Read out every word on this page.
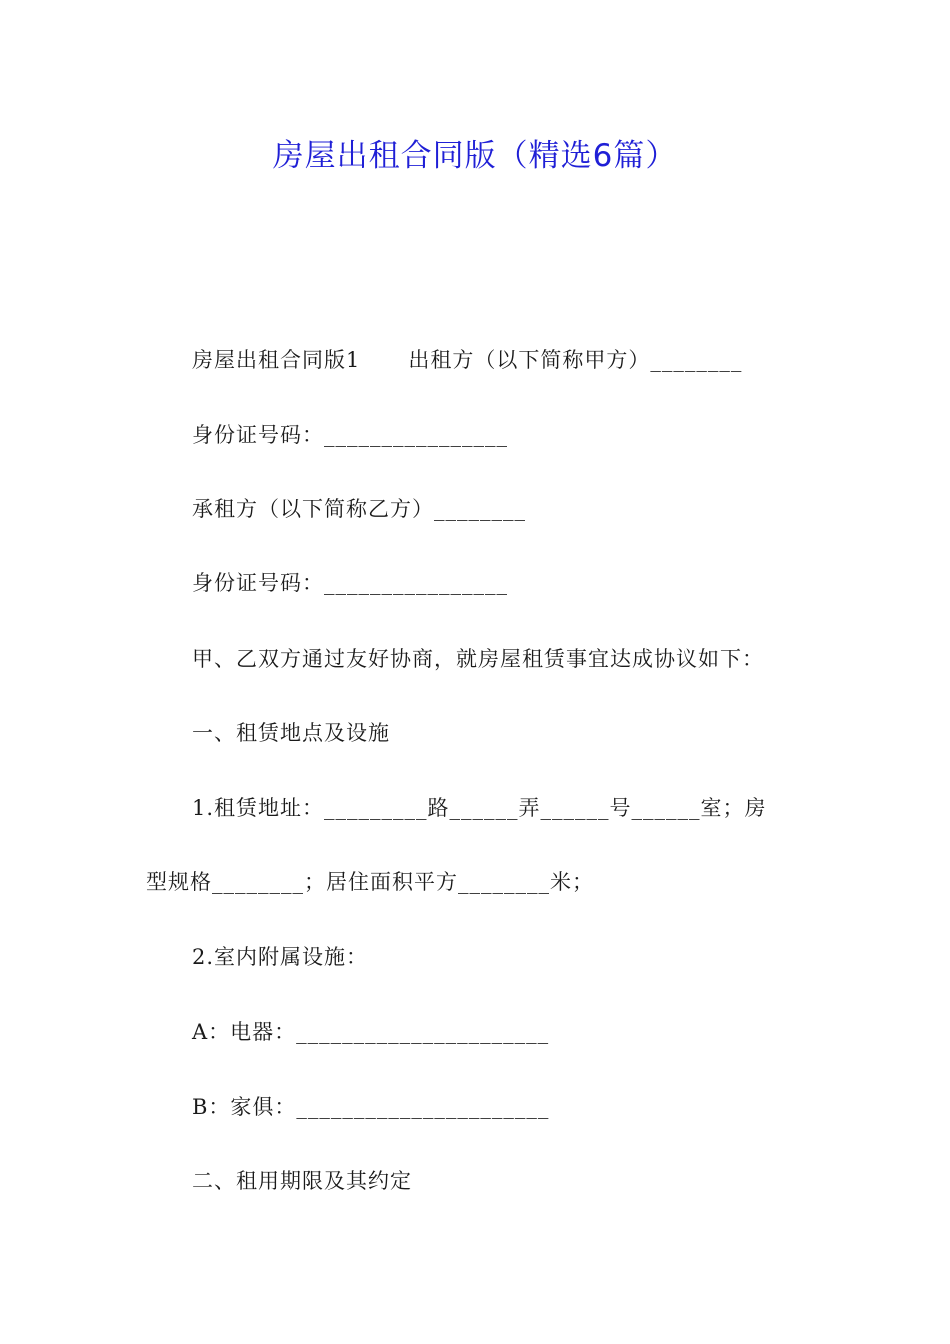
房屋出租合同版（精选6篇）
房屋出租合同版1 出租方（以下简称甲方）________
身份证号码：________________
承租方（以下简称乙方）________
身份证号码：________________
甲、乙双方通过友好协商，就房屋租赁事宜达成协议如下：
一、租赁地点及设施
1.租赁地址：_________路______弄______号______室；房
型规格________；居住面积平方________米；
2.室内附属设施：
A：电器：______________________
B：家俱：______________________
二、租用期限及其约定
